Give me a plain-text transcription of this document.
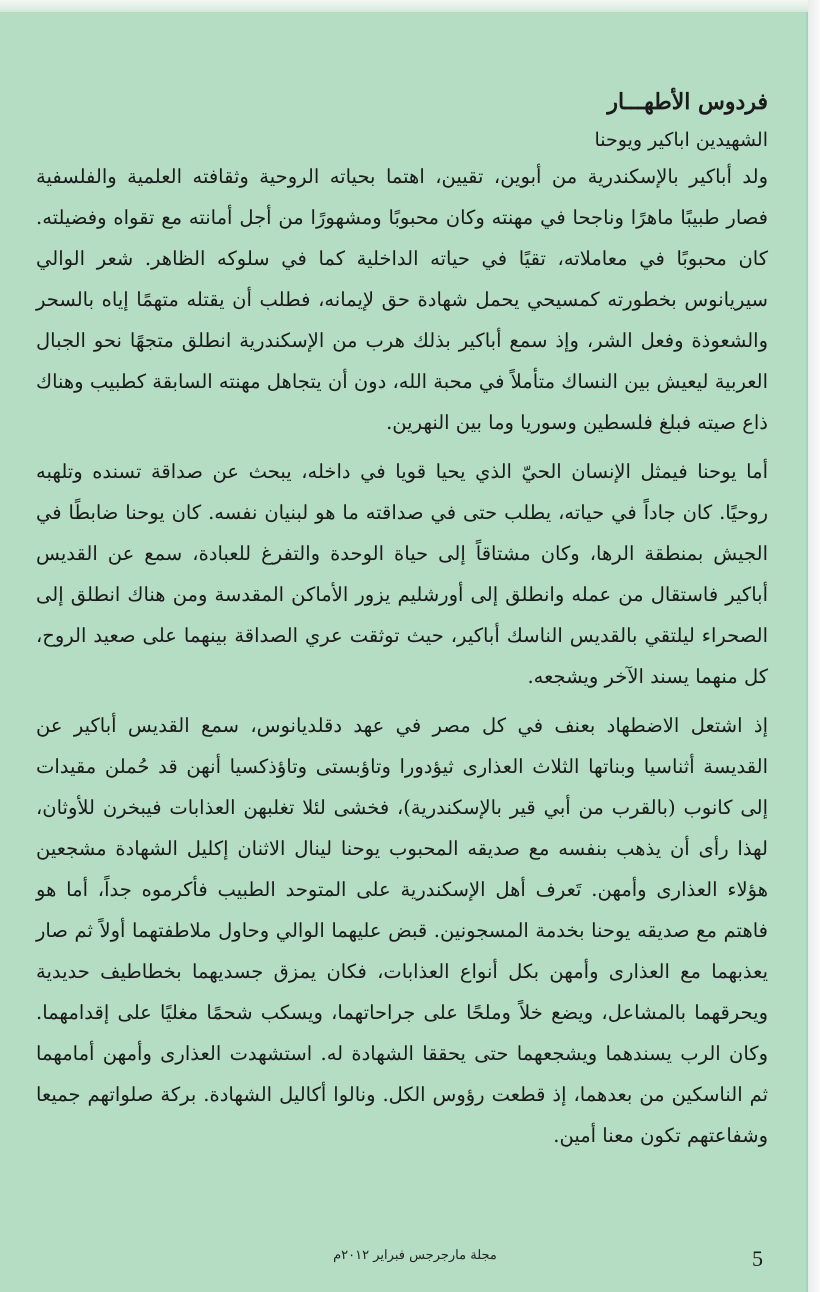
فردوس الأطهـــار

الشهيدين اباكير ويوحنا

ولد أباكير بالإسكندرية من أبوين، تقيين، اهتما بحياته الروحية وثقافته العلمية والفلسفية فصار طبيبًا ماهرًا وناجحا في مهنته وكان محبوبًا ومشهورًا من أجل أمانته مع تقواه وفضيلته. كان محبوبًا في معاملاته، تقيًا في حياته الداخلية كما في سلوكه الظاهر. شعر الوالي سيريانوس بخطورته كمسيحي يحمل شهادة حق لإيمانه، فطلب أن يقتله متهمًا إياه بالسحر والشعوذة وفعل الشر، وإذ سمع أباكير بذلك هرب من الإسكندرية انطلق متجهًا نحو الجبال العربية ليعيش بين النساك متأملاً في محبة الله، دون أن يتجاهل مهنته السابقة كطبيب وهناك ذاع صيته فبلغ فلسطين وسوريا وما بين النهرين.

أما يوحنا فيمثل الإنسان الحيّ الذي يحيا قويا في داخله، يبحث عن صداقة تسنده وتلهبه روحيًا. كان جاداً في حياته، يطلب حتى في صداقته ما هو لبنيان نفسه. كان يوحنا ضابطًا في الجيش بمنطقة الرها، وكان مشتاقاً إلى حياة الوحدة والتفرغ للعبادة، سمع عن القديس أباكير فاستقال من عمله وانطلق إلى أورشليم يزور الأماكن المقدسة ومن هناك انطلق إلى الصحراء ليلتقي بالقديس الناسك أباكير، حيث توثقت عري الصداقة بينهما على صعيد الروح، كل منهما يسند الآخر ويشجعه.

إذ اشتعل الاضطهاد بعنف في كل مصر في عهد دقلديانوس، سمع القديس أباكير عن القديسة أثناسيا وبناتها الثلاث العذارى ثيؤدورا وتاؤبستى وتاؤذكسيا أنهن قد حُملن مقيدات إلى كانوب (بالقرب من أبي قير بالإسكندرية)، فخشى لئلا تغلبهن العذابات فيبخرن للأوثان، لهذا رأى أن يذهب بنفسه مع صديقه المحبوب يوحنا لينال الاثنان إكليل الشهادة مشجعين هؤلاء العذارى وأمهن. تَعرف أهل الإسكندرية على المتوحد الطبيب فأكرموه جداً، أما هو فاهتم مع صديقه يوحنا بخدمة المسجونين. قبض عليهما الوالي وحاول ملاطفتهما أولاً ثم صار يعذبهما مع العذارى وأمهن بكل أنواع العذابات، فكان يمزق جسديهما بخطاطيف حديدية ويحرقهما بالمشاعل، ويضع خلاً وملحًا على جراحاتهما، ويسكب شحمًا مغليًا على إقدامهما. وكان الرب يسندهما ويشجعهما حتى يحققا الشهادة له. استشهدت العذارى وأمهن أمامهما ثم الناسكين من بعدهما، إذ قطعت رؤوس الكل. ونالوا أكاليل الشهادة. بركة صلواتهم جميعا وشفاعتهم تكون معنا أمين.

مجلة مارجرجس فبراير ٢٠١٢م	5
